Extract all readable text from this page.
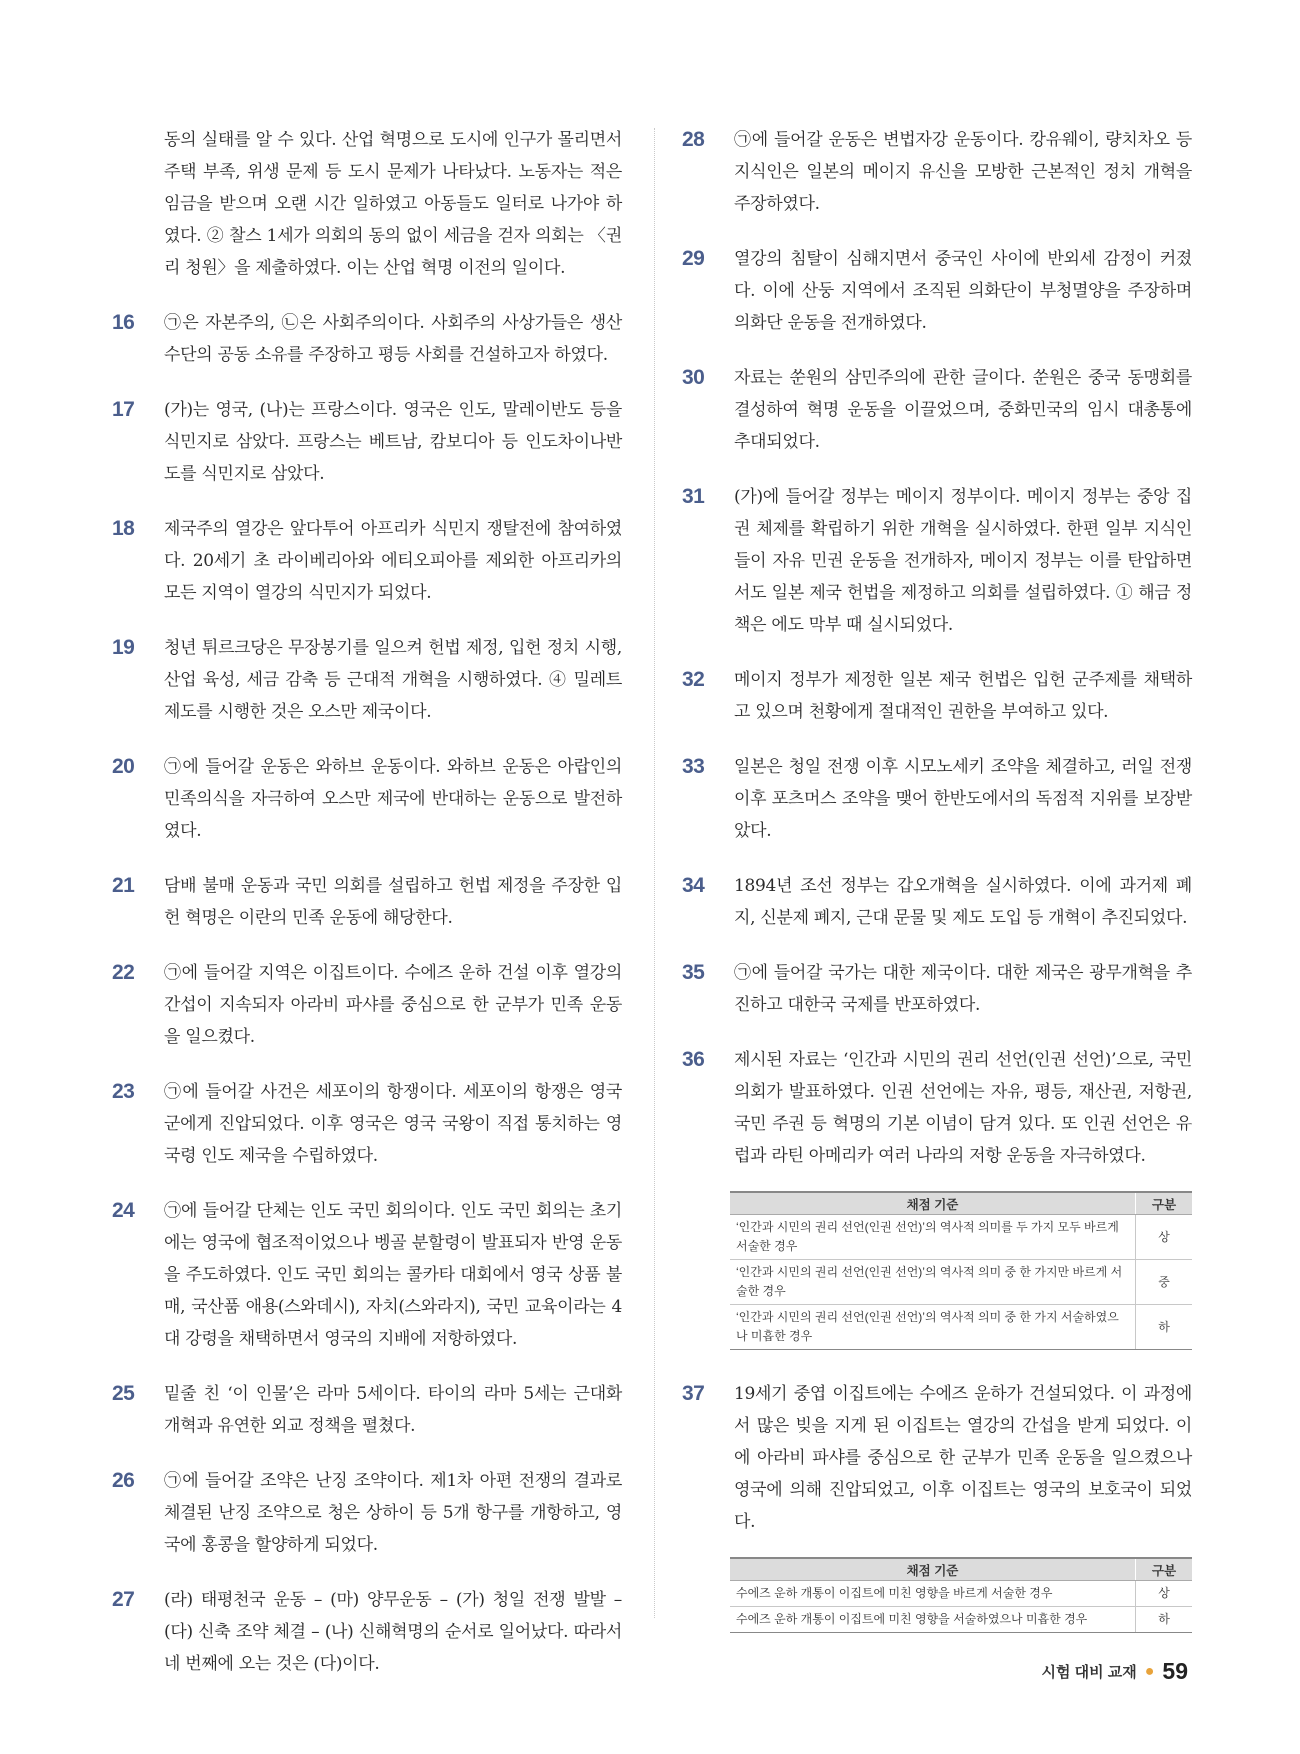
동의 실태를 알 수 있다. 산업 혁명으로 도시에 인구가 몰리면서 주택 부족, 위생 문제 등 도시 문제가 나타났다. 노동자는 적은 임금을 받으며 오랜 시간 일하였고 아동들도 일터로 나가야 하였다. ② 찰스 1세가 의회의 동의 없이 세금을 걷자 의회는 〈권리 청원〉을 제출하였다. 이는 산업 혁명 이전의 일이다.
16	㉠은 자본주의, ㉡은 사회주의이다. 사회주의 사상가들은 생산 수단의 공동 소유를 주장하고 평등 사회를 건설하고자 하였다.
17	(가)는 영국, (나)는 프랑스이다. 영국은 인도, 말레이반도 등을 식민지로 삼았다. 프랑스는 베트남, 캄보디아 등 인도차이나반도를 식민지로 삼았다.
18	제국주의 열강은 앞다투어 아프리카 식민지 쟁탈전에 참여하였다. 20세기 초 라이베리아와 에티오피아를 제외한 아프리카의 모든 지역이 열강의 식민지가 되었다.
19	청년 튀르크당은 무장봉기를 일으켜 헌법 제정, 입헌 정치 시행, 산업 육성, 세금 감축 등 근대적 개혁을 시행하였다. ④ 밀레트 제도를 시행한 것은 오스만 제국이다.
20	㉠에 들어갈 운동은 와하브 운동이다. 와하브 운동은 아랍인의 민족의식을 자극하여 오스만 제국에 반대하는 운동으로 발전하였다.
21	담배 불매 운동과 국민 의회를 설립하고 헌법 제정을 주장한 입헌 혁명은 이란의 민족 운동에 해당한다.
22	㉠에 들어갈 지역은 이집트이다. 수에즈 운하 건설 이후 열강의 간섭이 지속되자 아라비 파샤를 중심으로 한 군부가 민족 운동을 일으켰다.
23	㉠에 들어갈 사건은 세포이의 항쟁이다. 세포이의 항쟁은 영국군에게 진압되었다. 이후 영국은 영국 국왕이 직접 통치하는 영국령 인도 제국을 수립하였다.
24	㉠에 들어갈 단체는 인도 국민 회의이다. 인도 국민 회의는 초기에는 영국에 협조적이었으나 벵골 분할령이 발표되자 반영 운동을 주도하였다. 인도 국민 회의는 콜카타 대회에서 영국 상품 불매, 국산품 애용(스와데시), 자치(스와라지), 국민 교육이라는 4대 강령을 채택하면서 영국의 지배에 저항하였다.
25	밑줄 친 ‘이 인물’은 라마 5세이다. 타이의 라마 5세는 근대화 개혁과 유연한 외교 정책을 펼쳤다.
26	㉠에 들어갈 조약은 난징 조약이다. 제1차 아편 전쟁의 결과로 체결된 난징 조약으로 청은 상하이 등 5개 항구를 개항하고, 영국에 홍콩을 할양하게 되었다.
27	(라) 태평천국 운동 – (마) 양무운동 – (가) 청일 전쟁 발발 – (다) 신축 조약 체결 – (나) 신해혁명의 순서로 일어났다. 따라서 네 번째에 오는 것은 (다)이다.
28	㉠에 들어갈 운동은 변법자강 운동이다. 캉유웨이, 량치차오 등 지식인은 일본의 메이지 유신을 모방한 근본적인 정치 개혁을 주장하였다.
29	열강의 침탈이 심해지면서 중국인 사이에 반외세 감정이 커졌다. 이에 산둥 지역에서 조직된 의화단이 부청멸양을 주장하며 의화단 운동을 전개하였다.
30	자료는 쑨원의 삼민주의에 관한 글이다. 쑨원은 중국 동맹회를 결성하여 혁명 운동을 이끌었으며, 중화민국의 임시 대총통에 추대되었다.
31	(가)에 들어갈 정부는 메이지 정부이다. 메이지 정부는 중앙 집권 체제를 확립하기 위한 개혁을 실시하였다. 한편 일부 지식인들이 자유 민권 운동을 전개하자, 메이지 정부는 이를 탄압하면서도 일본 제국 헌법을 제정하고 의회를 설립하였다. ① 해금 정책은 에도 막부 때 실시되었다.
32	메이지 정부가 제정한 일본 제국 헌법은 입헌 군주제를 채택하고 있으며 천황에게 절대적인 권한을 부여하고 있다.
33	일본은 청일 전쟁 이후 시모노세키 조약을 체결하고, 러일 전쟁 이후 포츠머스 조약을 맺어 한반도에서의 독점적 지위를 보장받았다.
34	1894년 조선 정부는 갑오개혁을 실시하였다. 이에 과거제 폐지, 신분제 폐지, 근대 문물 및 제도 도입 등 개혁이 추진되었다.
35	㉠에 들어갈 국가는 대한 제국이다. 대한 제국은 광무개혁을 추진하고 대한국 국제를 반포하였다.
36	제시된 자료는 ‘인간과 시민의 권리 선언(인권 선언)’으로, 국민 의회가 발표하였다. 인권 선언에는 자유, 평등, 재산권, 저항권, 국민 주권 등 혁명의 기본 이념이 담겨 있다. 또 인권 선언은 유럽과 라틴 아메리카 여러 나라의 저항 운동을 자극하였다.
채점 기준	구분
‘인간과 시민의 권리 선언(인권 선언)’의 역사적 의미를 두 가지 모두 바르게 서술한 경우	상
‘인간과 시민의 권리 선언(인권 선언)’의 역사적 의미 중 한 가지만 바르게 서술한 경우	중
‘인간과 시민의 권리 선언(인권 선언)’의 역사적 의미 중 한 가지 서술하였으나 미흡한 경우	하
37	19세기 중엽 이집트에는 수에즈 운하가 건설되었다. 이 과정에서 많은 빚을 지게 된 이집트는 열강의 간섭을 받게 되었다. 이에 아라비 파샤를 중심으로 한 군부가 민족 운동을 일으켰으나 영국에 의해 진압되었고, 이후 이집트는 영국의 보호국이 되었다.
채점 기준	구분
수에즈 운하 개통이 이집트에 미친 영향을 바르게 서술한 경우	상
수에즈 운하 개통이 이집트에 미친 영향을 서술하였으나 미흡한 경우	하
시험 대비 교재 ● 59
